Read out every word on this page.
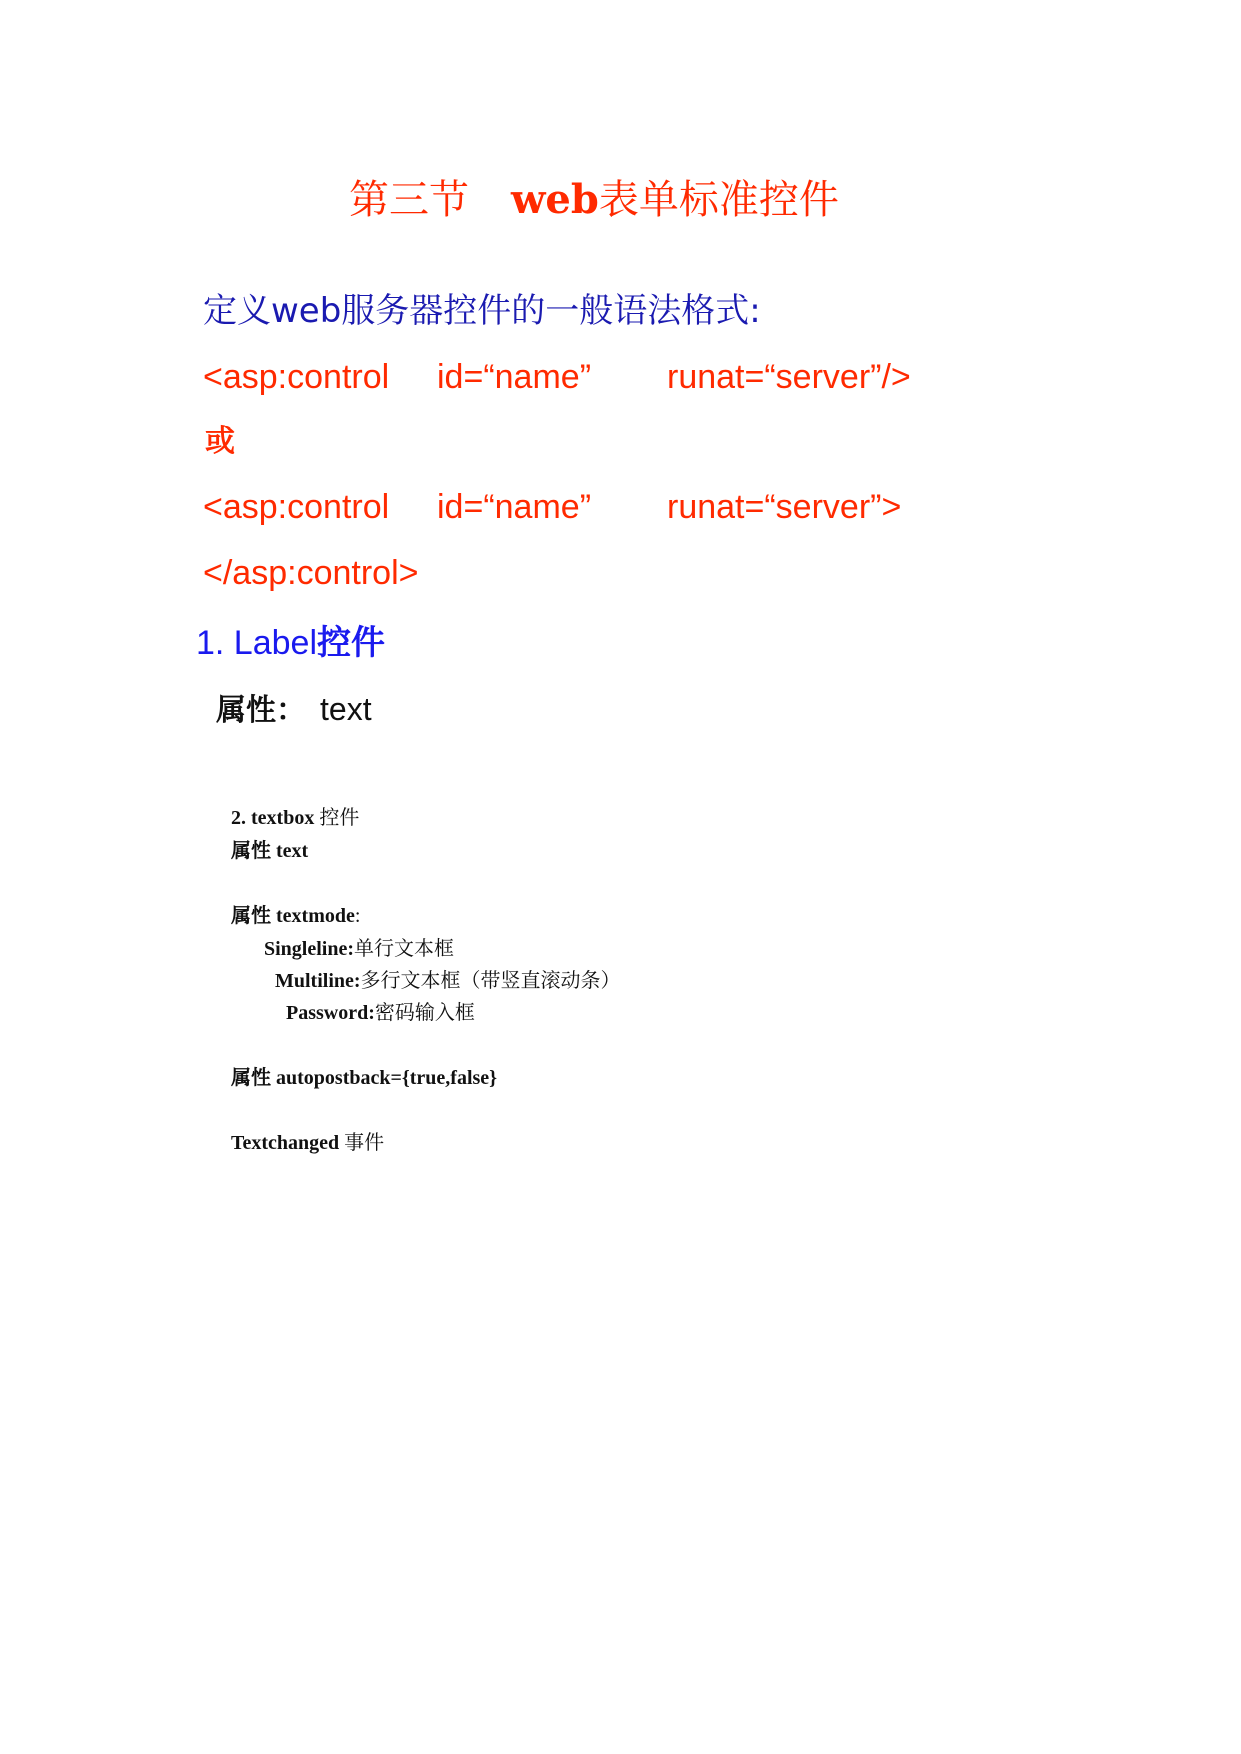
第三节 web表单标准控件
定义web服务器控件的一般语法格式:
<asp:control id=“name” runat=“server”/>
或
<asp:control id=“name” runat=“server”>
</asp:control>
1. Label控件
属性： text
2. textbox 控件
属性 text
属性 textmode:
Singleline:单行文本框
Multiline:多行文本框（带竖直滚动条）
Password:密码输入框
属性 autopostback={true,false}
Textchanged 事件
